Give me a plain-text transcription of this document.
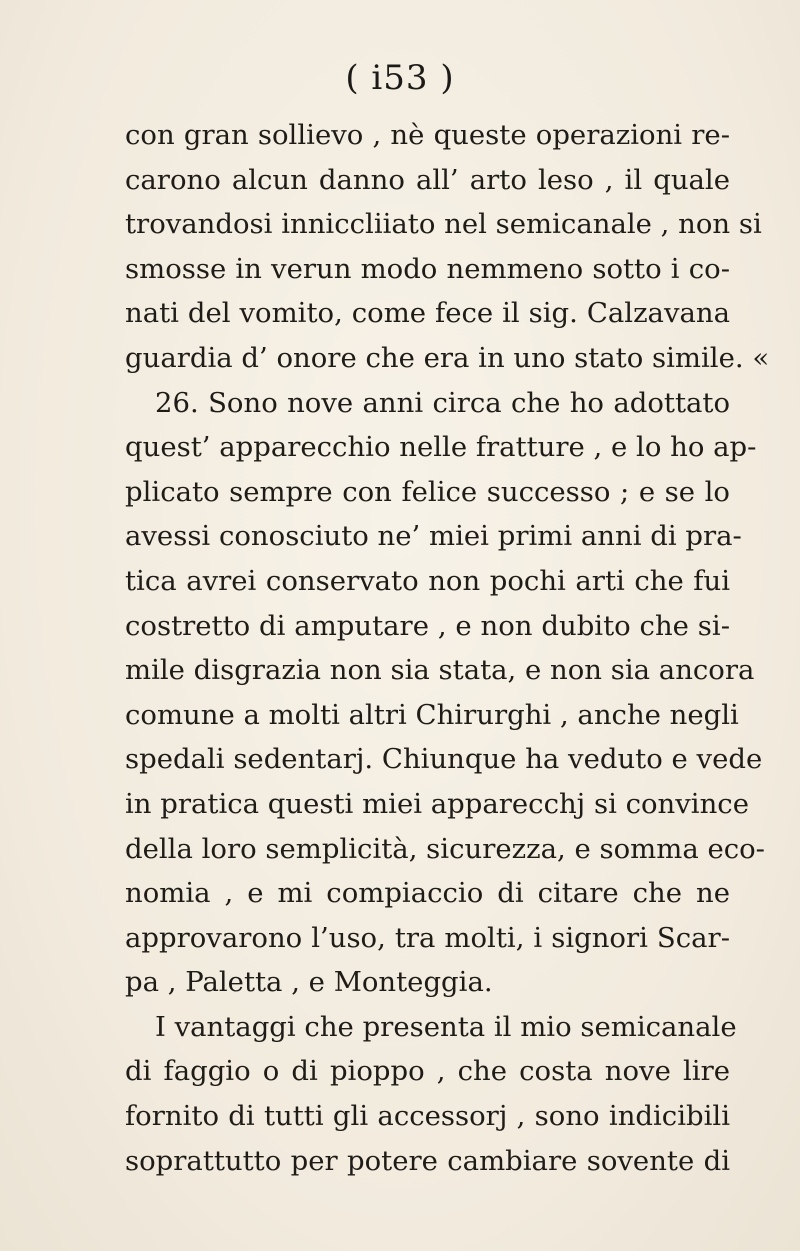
( i53 )
con gran sollievo , nè queste operazioni re-
carono alcun danno all’ arto leso , il quale
trovandosi inniccliiato nel semicanale , non si
smosse in verun modo nemmeno sotto i co-
nati del vomito, come fece il sig. Calzavana
guardia d’ onore che era in uno stato simile. «
26. Sono nove anni circa che ho adottato
quest’ apparecchio nelle fratture , e lo ho ap-
plicato sempre con felice successo ; e se lo
avessi conosciuto ne’ miei primi anni di pra-
tica avrei conservato non pochi arti che fui
costretto di amputare , e non dubito che si-
mile disgrazia non sia stata, e non sia ancora
comune a molti altri Chirurghi , anche negli
spedali sedentarj. Chiunque ha veduto e vede
in pratica questi miei apparecchj si convince
della loro semplicità, sicurezza, e somma eco-
nomia , e mi compiaccio di citare che ne
approvarono l’uso, tra molti, i signori Scar-
pa , Paletta , e Monteggia.
I vantaggi che presenta il mio semicanale
di faggio o di pioppo , che costa nove lire
fornito di tutti gli accessorj , sono indicibili
soprattutto per potere cambiare sovente di
